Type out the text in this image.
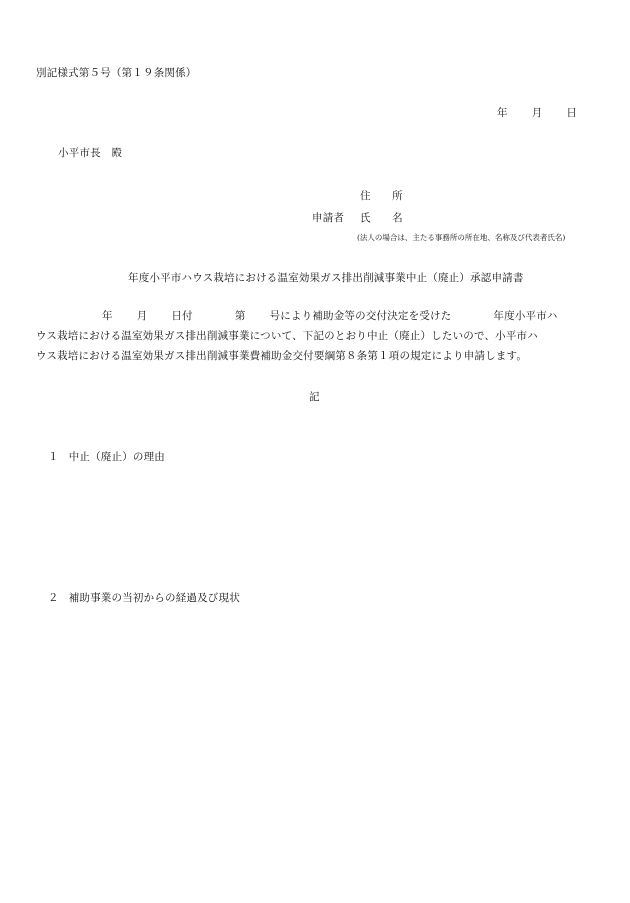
別記様式第５号（第１９条関係）
年 月 日
小平市長　殿
住　　所
申請者 氏　　名
(法人の場合は、主たる事務所の所在地、名称及び代表者氏名)
年度小平市ハウス栽培における温室効果ガス排出削減事業中止（廃止）承認申請書
年 月 日付	第 号により補助金等の交付決定を受けた	年度小平市ハ
ウス栽培における温室効果ガス排出削減事業について、下記のとおり中止（廃止）したいので、小平市ハ
ウス栽培における温室効果ガス排出削減事業費補助金交付要綱第８条第１項の規定により申請します。
記
１ 中止（廃止）の理由
２ 補助事業の当初からの経過及び現状
